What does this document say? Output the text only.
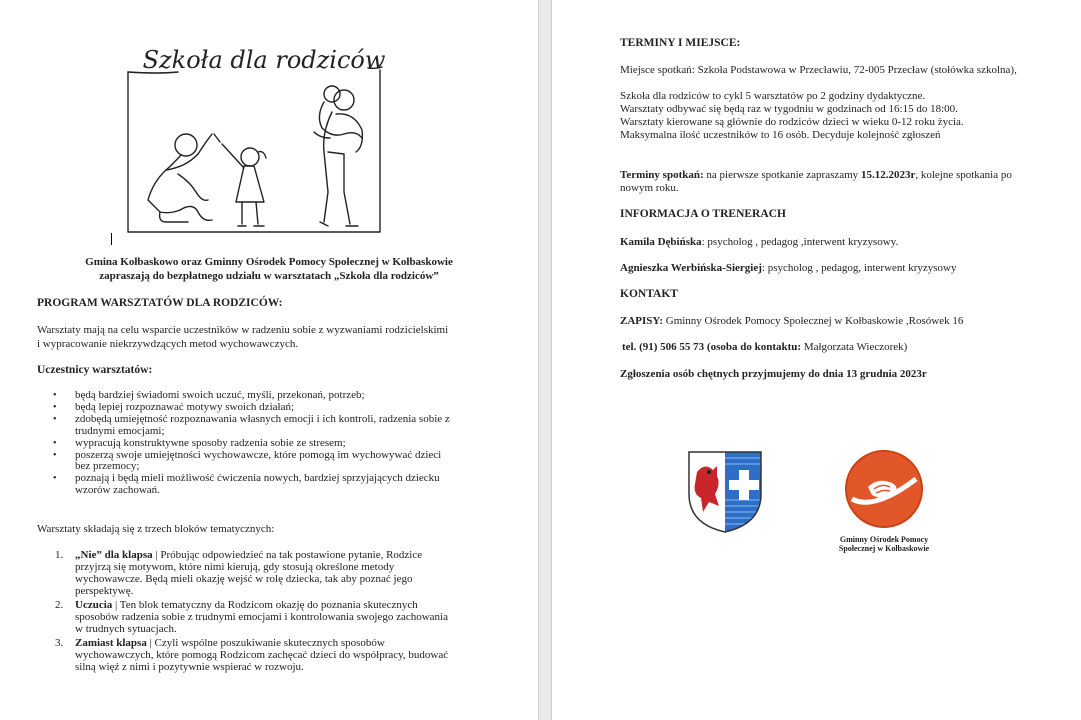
Szkoła dla rodziców
Gmina Kołbaskowo oraz Gminny Ośrodek Pomocy Społecznej w Kołbaskowie
zapraszają do bezpłatnego udziału w warsztatach „Szkoła dla rodziców”
PROGRAM WARSZTATÓW DLA RODZICÓW:
Warsztaty mają na celu wsparcie uczestników w radzeniu sobie z wyzwaniami rodzicielskimi
i wypracowanie niekrzywdzących metod wychowawczych.
Uczestnicy warsztatów:
• będą bardziej świadomi swoich uczuć, myśli, przekonań, potrzeb;
• będą lepiej rozpoznawać motywy swoich działań;
• zdobędą umiejętność rozpoznawania własnych emocji i ich kontroli, radzenia sobie z
trudnymi emocjami;
• wypracują konstruktywne sposoby radzenia sobie ze stresem;
• poszerzą swoje umiejętności wychowawcze, które pomogą im wychowywać dzieci
bez przemocy;
• poznają i będą mieli możliwość ćwiczenia nowych, bardziej sprzyjających dziecku
wzorów zachowań.
Warsztaty składają się z trzech bloków tematycznych:
1. „Nie” dla klapsa | Próbując odpowiedzieć na tak postawione pytanie, Rodzice
przyjrzą się motywom, które nimi kierują, gdy stosują określone metody
wychowawcze. Będą mieli okazję wejść w rolę dziecka, tak aby poznać jego
perspektywę.
2. Uczucia | Ten blok tematyczny da Rodzicom okazję do poznania skutecznych
sposobów radzenia sobie z trudnymi emocjami i kontrolowania swojego zachowania
w trudnych sytuacjach.
3. Zamiast klapsa | Czyli wspólne poszukiwanie skutecznych sposobów
wychowawczych, które pomogą Rodzicom zachęcać dzieci do współpracy, budować
silną więź z nimi i pozytywnie wspierać w rozwoju.
TERMINY I MIEJSCE:
Miejsce spotkań: Szkoła Podstawowa w Przecławiu, 72-005 Przecław (stołówka szkolna),
Szkoła dla rodziców to cykl 5 warsztatów po 2 godziny dydaktyczne.
Warsztaty odbywać się będą raz w tygodniu w godzinach od 16:15 do 18:00.
Warsztaty kierowane są głównie do rodziców dzieci w wieku 0-12 roku życia.
Maksymalna ilość uczestników to 16 osób. Decyduje kolejność zgłoszeń
Terminy spotkań: na pierwsze spotkanie zapraszamy 15.12.2023r, kolejne spotkania po
nowym roku.
INFORMACJA O TRENERACH
Kamila Dębińska: psycholog , pedagog ,interwent kryzysowy.
Agnieszka Werbińska-Siergiej: psycholog , pedagog, interwent kryzysowy
KONTAKT
ZAPISY: Gminny Ośrodek Pomocy Społecznej w Kołbaskowie ,Rosówek 16
tel. (91) 506 55 73 (osoba do kontaktu: Małgorzata Wieczorek)
Zgłoszenia osób chętnych przyjmujemy do dnia 13 grudnia 2023r
Gminny Ośrodek Pomocy
Społecznej w Kołbaskowie
